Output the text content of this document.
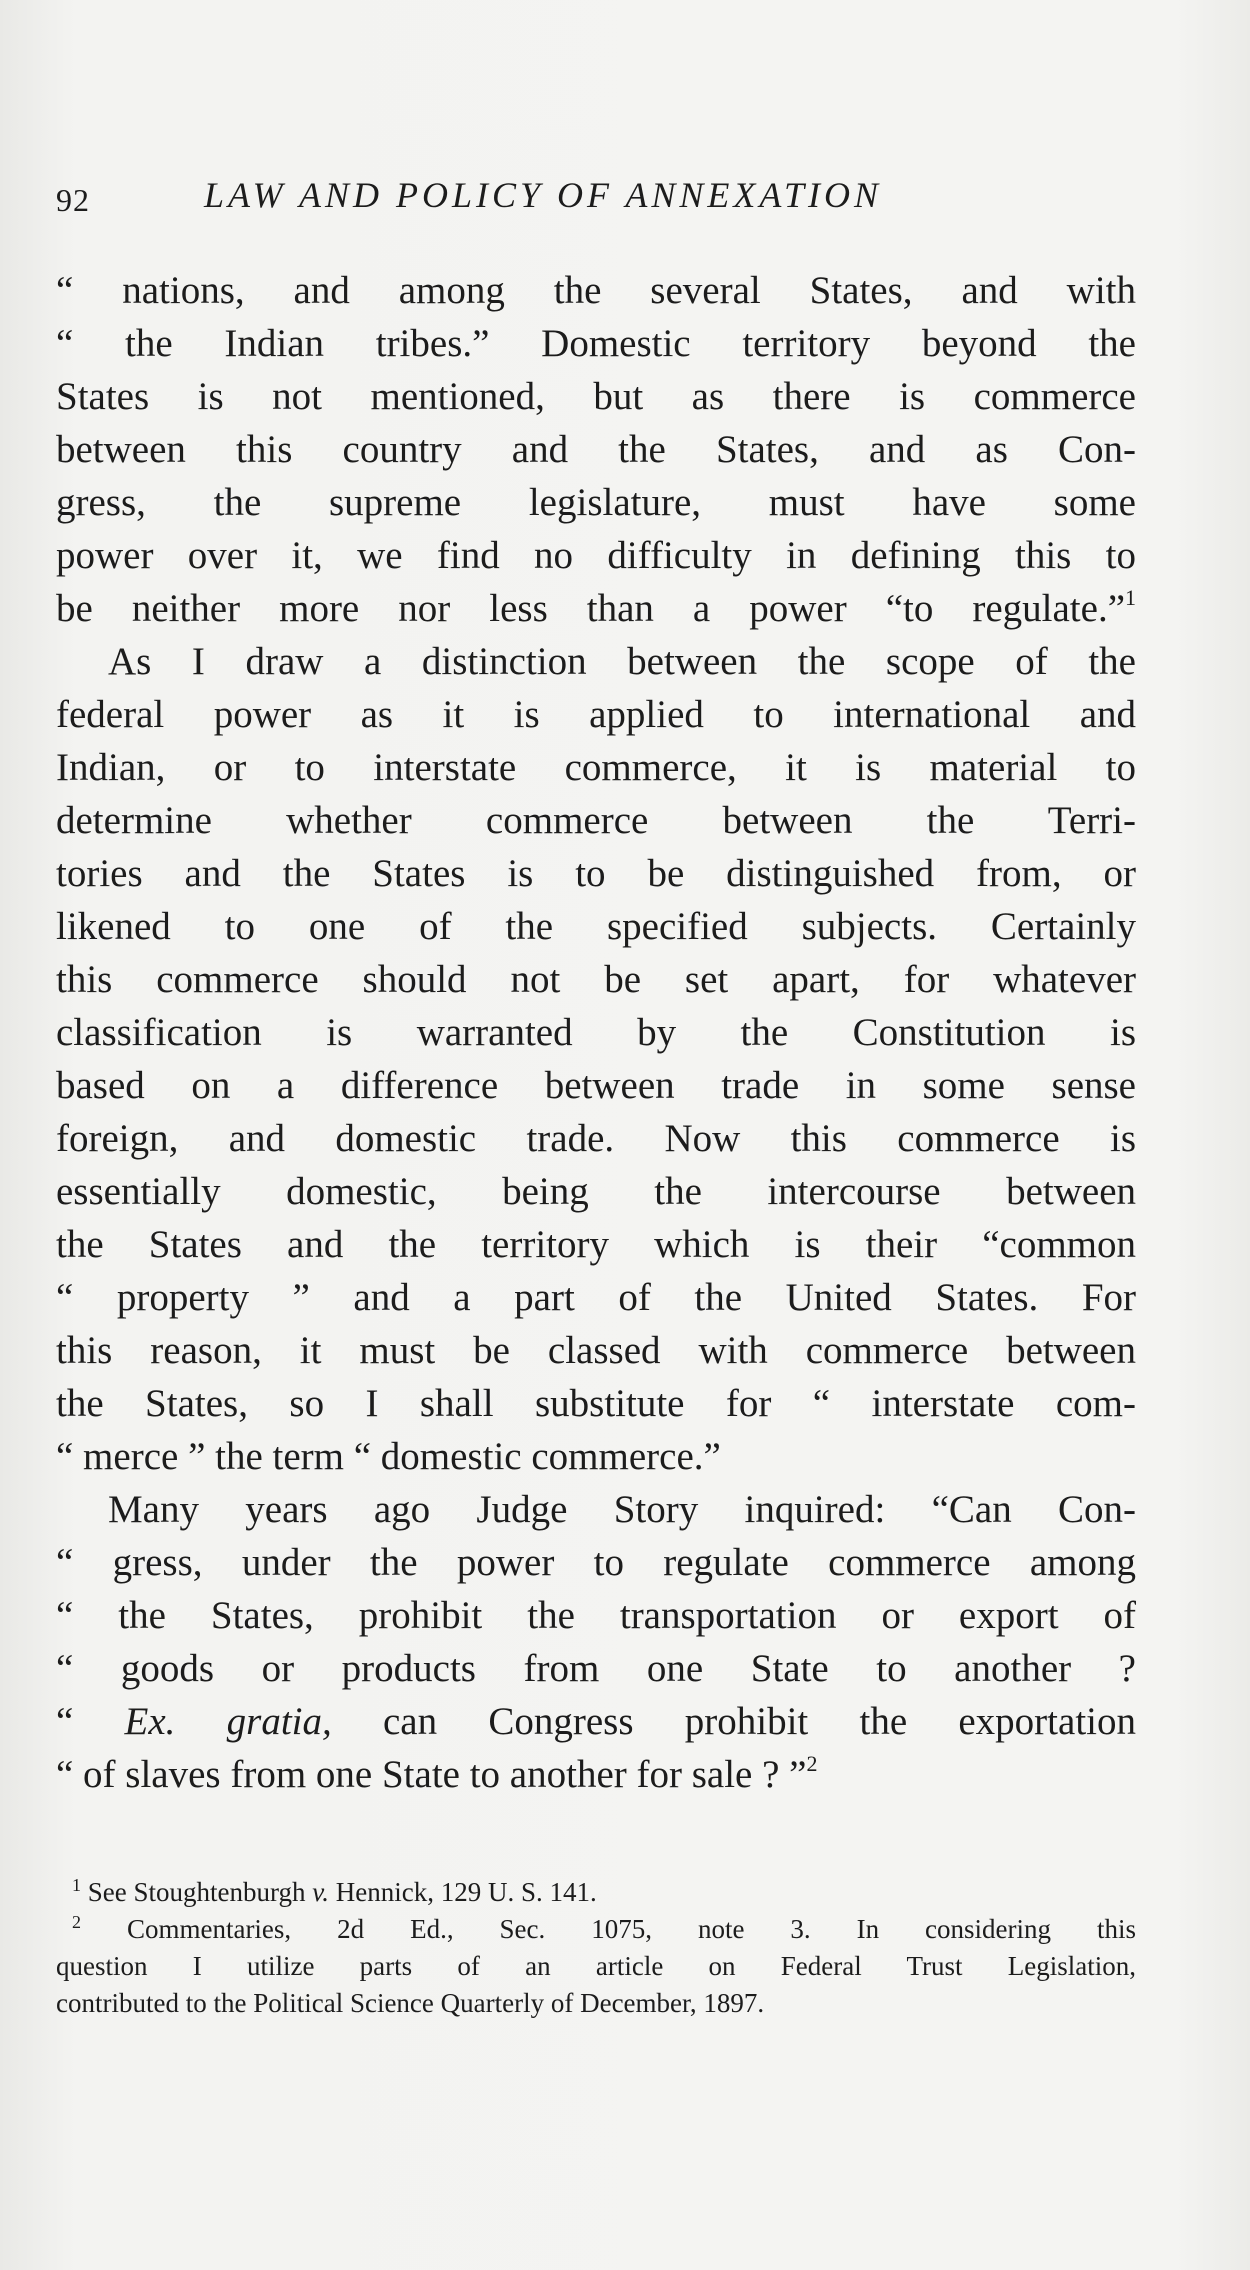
92	LAW AND POLICY OF ANNEXATION
“ nations, and among the several States, and with
“ the Indian tribes.” Domestic territory beyond the
States is not mentioned, but as there is commerce
between this country and the States, and as Con-
gress, the supreme legislature, must have some
power over it, we find no difficulty in defining this to
be neither more nor less than a power “to regulate.”$^1$
As I draw a distinction between the scope of the
federal power as it is applied to international and
Indian, or to interstate commerce, it is material to
determine whether commerce between the Terri-
tories and the States is to be distinguished from, or
likened to one of the specified subjects. Certainly
this commerce should not be set apart, for whatever
classification is warranted by the Constitution is
based on a difference between trade in some sense
foreign, and domestic trade. Now this commerce is
essentially domestic, being the intercourse between
the States and the territory which is their “common
“ property ” and a part of the United States. For
this reason, it must be classed with commerce between
the States, so I shall substitute for “ interstate com-
“ merce ” the term “ domestic commerce.”
Many years ago Judge Story inquired: “Can Con-
“ gress, under the power to regulate commerce among
“ the States, prohibit the transportation or export of
“ goods or products from one State to another ?
“ Ex. gratia, can Congress prohibit the exportation
“ of slaves from one State to another for sale ? ”$^2$
$^1$ See Stoughtenburgh v. Hennick, 129 U. S. 141.
$^2$ Commentaries, 2d Ed., Sec. 1075, note 3. In considering this
question I utilize parts of an article on Federal Trust Legislation,
contributed to the Political Science Quarterly of December, 1897.
